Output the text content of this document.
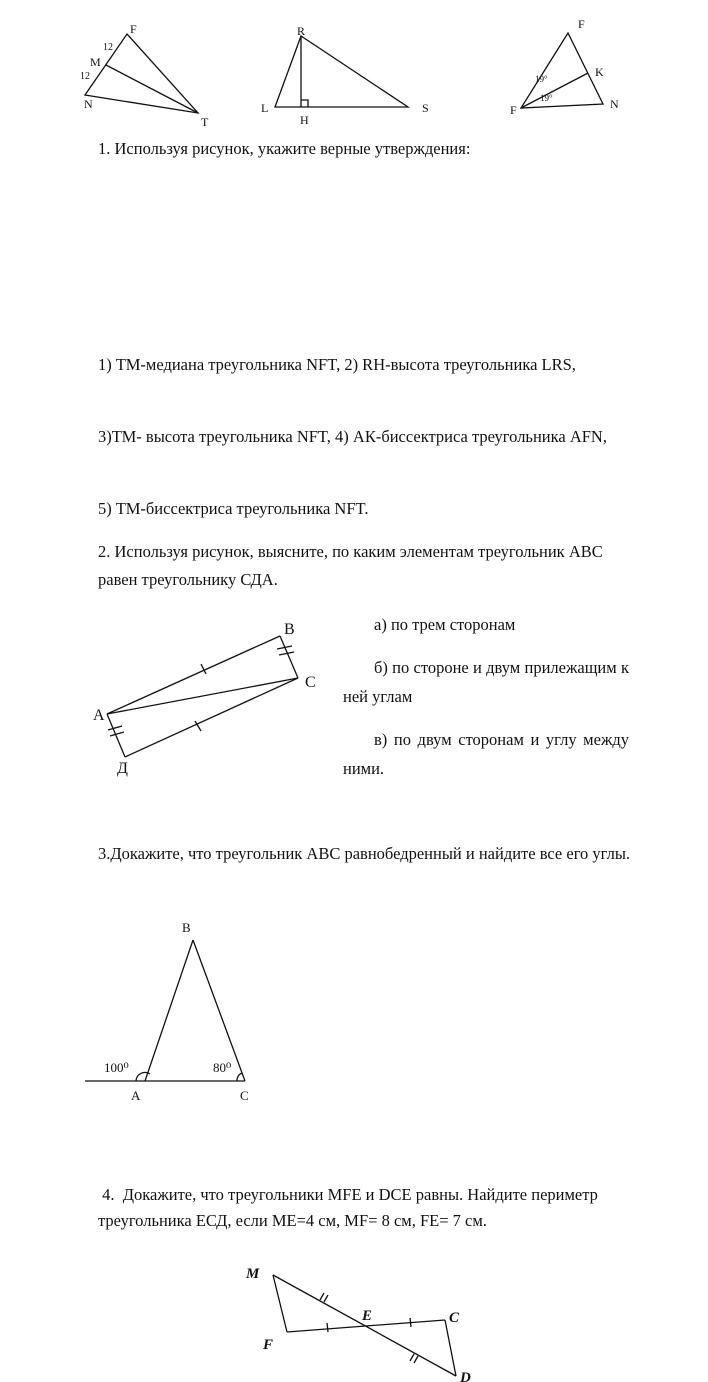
F
M
N
T
12
12
R
L
H
S
F
K
F	N
19°
19°
1. Используя рисунок, укажите верные утверждения:
1) ТМ-медиана треугольника NFT, 2) RН-высота треугольника LRS,
3)ТМ- высота треугольника NFT, 4) АК-биссектриса треугольника AFN,
5) ТМ-биссектриса треугольника NFT.
2. Используя рисунок, выясните, по каким элементам треугольник АВС равен треугольнику СДА.
А
В
С
Д
а) по трем сторонам
б) по стороне и двум прилежащим к ней углам
в) по двум сторонам и углу между ними.
3.Докажите, что треугольник АВС равнобедренный и найдите все его углы.
B
A	C
100⁰	80⁰
4.  Докажите, что треугольники MFE и DCE равны. Найдите периметр треугольника ЕСД, если МЕ=4 см, MF= 8 см, FE= 7 см.
M
E	C
F
D
